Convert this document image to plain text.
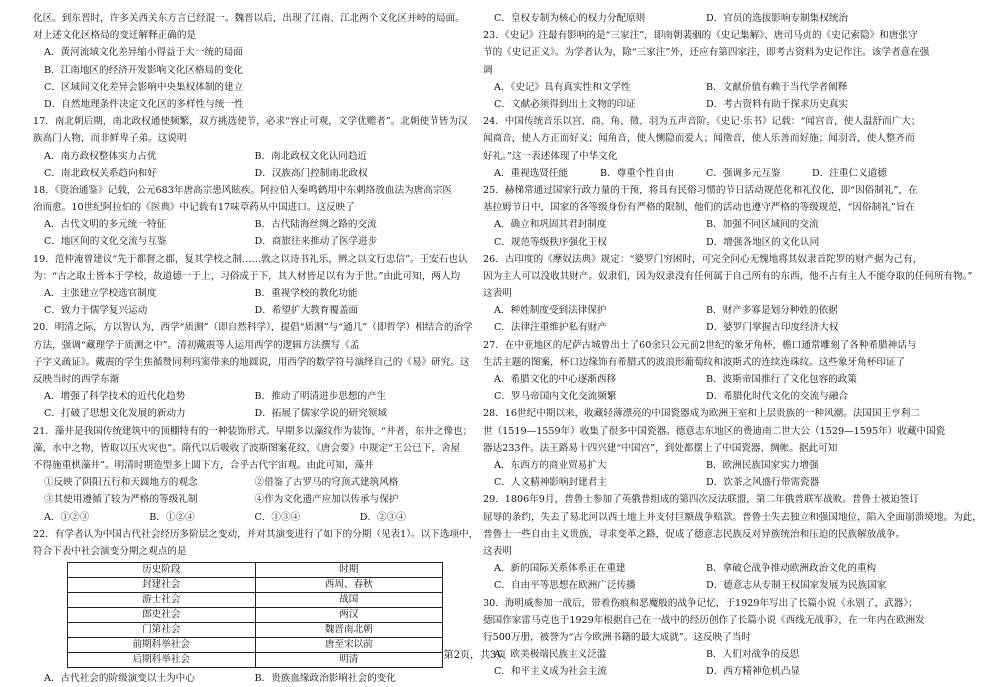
化区。到东晋时，许多关西关东方言已经混一。魏晋以后，出现了江南、江北两个文化区并峙的局面。
对上述文化区格局的变迁解释正确的是
A．黄河流域文化差异缩小得益于大一统的局面
B．江南地区的经济开发影响文化区格局的变化
C．区域间文化差异会影响中央集权体制的建立
D．自然地理条件决定文化区的多样性与统一性
17．南北朝后期，南北政权通使频繁，双方挑选使节，必求“容止可观，文学优赡者”。北朝使节皆为汉
族高门人物，而非鲜卑子弟。这说明
A．南方政权整体实力占优	B．南北政权文化认同趋近
C．南北政权关系趋向和好	D．汉族高门控制南北政权
18．《资治通鉴》记载，公元683年唐高宗患风眩疾。阿拉伯人秦鸣鹤用中东刺络放血法为唐高宗医
治而愈。10世纪阿拉伯的《医典》中记载有17味草药从中国进口。这反映了
A．古代文明的多元统一特征	B．古代陆海丝绸之路的交流
C．地区间的文化交流与互鉴	D．商旅往来推动了医学进步
19．范仲淹曾建议“先于都督之郡，复其学校之制……敦之以诗书礼乐，辨之以文行忠信”。王安石也认
为：“古之取士皆本于学校，故道德一于上，习俗成于下，其人材皆足以有为于世。”由此可知，两人均
A．主张建立学校选官制度	B．重视学校的教化功能
C．致力于儒学复兴运动	D．希望扩大教育覆盖面
20．明清之际，方以智认为，西学“质测”（即自然科学），提倡“质测”与“通几”（即哲学）相结合的治学
方法，强调“藏理学于质测之中”。清初戴震等人运用西学的逻辑方法撰写《孟
子字义疏证》。戴震的学生焦循赞同利玛窦带来的地圆说，用西学的数学符号演绎自己的《易》研究。这
反映当时的西学东渐
A．增强了科学技术的近代化趋势	B．推动了明清进步思想的产生
C．打破了思想文化发展的新动力	D．拓展了儒家学说的研究领域
21．藻井是我国传统建筑中的顶棚特有的一种装饰形式。早期多以藻纹作为装饰，“井者，东井之像也；
藻，水中之物，皆取以压火灾也”。隋代以后吸收了波斯图案花纹，《唐会要》中规定“王公已下，舍屋
不得施重栱藻井”。明清时期造型多上圆下方，合乎古代宇宙观。由此可知，藻井
①反映了阴阳五行和天圆地方的观念	②借鉴了古罗马的穹顶式建筑风格
③其使用遵循了较为严格的等级礼制	④作为文化遗产应加以传承与保护
A．①②③	B．①②④	C．①③④	D．②③④
22．有学者认为中国古代社会经历多阶层之变动，并对其演变进行了如下的分期（见表1）。以下选项中，
符合下表中社会演变分期之观点的是
历史阶段	时期
封建社会	西周、春秋
游士社会	战国
郎吏社会	两汉
门第社会	魏晋南北朝
前期科举社会	唐至宋以前
后期科举社会	明清
A．古代社会的阶级演变以士为中心	B．贵族血缘政治影响社会的变化
C．皇权专制为核心的权力分配原则	D．官员的选拔影响专制集权统治
23．《史记》注最有影响的是“三家注”，即南朝裴骃的《史记集解》、唐司马贞的《史记索隐》和唐张守
节的《史记正义》。为学者认为，除“三家注”外，还应有第四家注，即考古资料为史记作注。该学者意在强
调
A．《史记》具有真实性和文学性	B．文献价值有赖于当代学者阐释
C．文献必须得到出土文物的印证	D．考古资料有助于探求历史真实
24．中国传统音乐以宫、商、角、徵、羽为五声音阶。《史记·乐书》记载：“闻宫音，使人温舒而广大；
闻商音，使人方正而好义；闻角音，使人恻隐而爱人；闻徵音，使人乐善而好施；闻羽音，使人整齐而
好礼。”这一表述体现了中华文化
A．重视选贤任能	B．尊重个性自由	C．强调多元互鉴	D．注重仁义道德
25．赫梯常通过国家行政力量的干预，将具有民俗习惯的节日活动规范化和礼仪化，即“因俗制礼”，在
基拉姆节日中，国家的各等级身份有严格的限制，他们的活动也遵守严格的等级规范，“因俗制礼”旨在
A．确立和巩固其君封制度	B．加强不同区域间的交流
C．规范等级秩序强化王权	D．增强各地区的文化认同
26．古印度的《摩奴法典》规定：“婆罗门穷困时，可完全问心无愧地将其奴隶首陀罗的财产据为己有，
因为主人可以没收其财产。奴隶们，因为奴隶没有任何属于自己所有的东西，他不占有主人不能夺取的任何所有物。”
这表明
A．种姓制度受到法律保护	B．财产多寡是划分种姓的依据
C．法律注重维护私有财产	D．婆罗门掌握古印度经济大权
27．在中亚地区的尼萨古城曾出土了60余只公元前2世纪的象牙角杯，檐口通常雕刻了各种希腊神话与
生活主题的图案，杯口边缘饰有希腊式的波浪形葡萄纹和波斯式的连续连珠纹。这些象牙角杯印证了
A．希腊文化的中心逐渐西移	B．波斯帝国推行了文化包容的政策
C．罗马帝国内文化交流频繁	D．希腊化时代文化的交流与融合
28．16世纪中期以来，收藏轻薄漂亮的中国瓷器成为欧洲王室和上层贵族的一种风潮。法国国王亨利二
世（1519—1559年）收集了很多中国瓷器。德意志东地区的费迪南二世大公（1529—1595年）收藏中国瓷
器达233件。法王路易十四兴建“中国宫”，到处都摆上了中国瓷器、绸帐。据此可知
A．东西方的商业贸易扩大	B．欧洲民族国家实力增强
C．人文精神影响封建君主	D．饮茶之风盛行带需瓷器
29．1806年9月，普鲁士参加了英俄普组成的第四次反法联盟，第二年俄普联军战败。普鲁士被迫签订
屈辱的条约，失去了易北河以西土地上并支付巨额战争赔款。普鲁士失去独立和强国地位，陷入全面崩溃境地。为此，
普鲁士一些自由主义贵族，寻求变革之路，促成了德意志民族反对异族统治和压迫的民族解放战争。
这表明
A．新的国际关系体系正在重建	B．拿破仑战争推动欧洲政治文化的重构
C．自由平等思想在欧洲广泛传播	D．德意志从专制王权国家发展为民族国家
30．海明威参加一战后，带着伤痕和恶魔般的战争记忆，于1929年写出了长篇小说《永别了，武器》；
德国作家雷马克也于1929年根据自己在一战中的经历创作了长篇小说《西线无战事》，在一年内在欧洲发
行500万册，被誉为“古今欧洲书籍的最大成就”。这反映了当时
A．欧美极端民族主义泛滥	B．人们对战争的反思
C．和平主义成为社会主流	D．西方精神危机凸显
第2页，共3页
